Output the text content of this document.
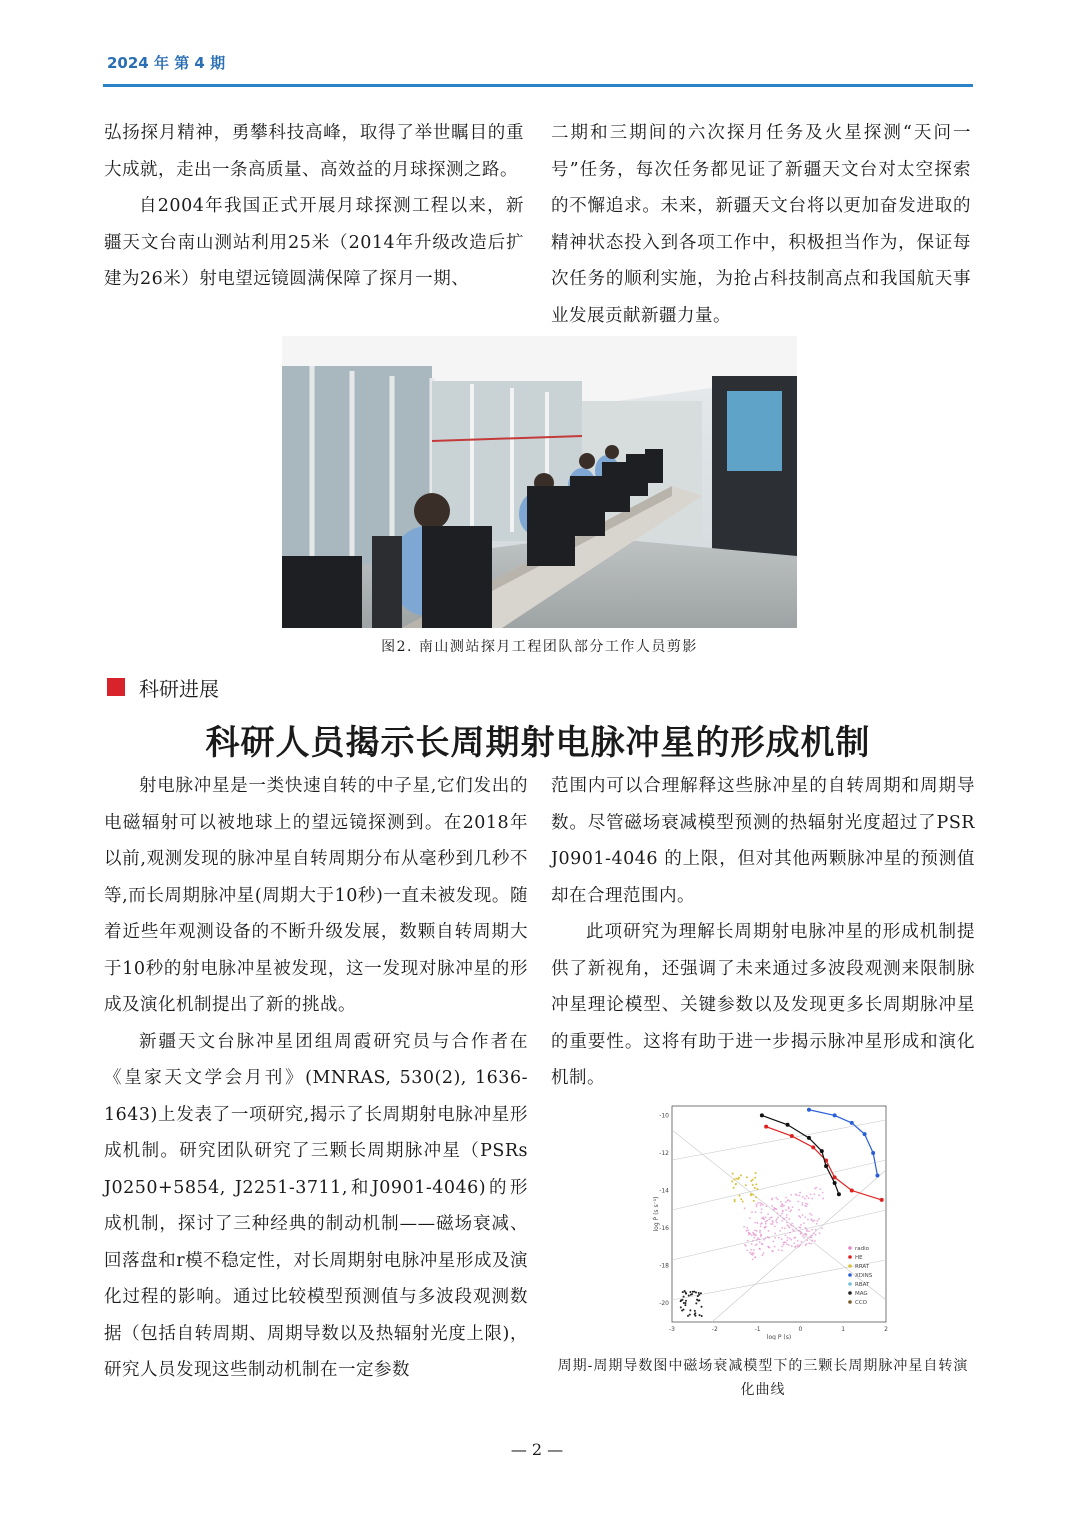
2024 年 第 4 期

弘扬探月精神，勇攀科技高峰，取得了举世瞩目的重大成就，走出一条高质量、高效益的月球探测之路。

自2004年我国正式开展月球探测工程以来，新疆天文台南山测站利用25米（2014年升级改造后扩建为26米）射电望远镜圆满保障了探月一期、

二期和三期间的六次探月任务及火星探测“天问一号”任务，每次任务都见证了新疆天文台对太空探索的不懈追求。未来，新疆天文台将以更加奋发进取的精神状态投入到各项工作中，积极担当作为，保证每次任务的顺利实施，为抢占科技制高点和我国航天事业发展贡献新疆力量。

图2. 南山测站探月工程团队部分工作人员剪影
科研进展
科研人员揭示长周期射电脉冲星的形成机制

射电脉冲星是一类快速自转的中子星,它们发出的电磁辐射可以被地球上的望远镜探测到。在2018年以前,观测发现的脉冲星自转周期分布从毫秒到几秒不等,而长周期脉冲星(周期大于10秒)一直未被发现。随着近些年观测设备的不断升级发展，数颗自转周期大于10秒的射电脉冲星被发现，这一发现对脉冲星的形成及演化机制提出了新的挑战。

新疆天文台脉冲星团组周霞研究员与合作者在《皇家天文学会月刊》(MNRAS, 530(2), 1636-1643)上发表了一项研究,揭示了长周期射电脉冲星形成机制。研究团队研究了三颗长周期脉冲星（PSRs J0250+5854, J2251-3711,和J0901-4046)的形成机制，探讨了三种经典的制动机制——磁场衰减、回落盘和r模不稳定性，对长周期射电脉冲星形成及演化过程的影响。通过比较模型预测值与多波段观测数据（包括自转周期、周期导数以及热辐射光度上限)，研究人员发现这些制动机制在一定参数

范围内可以合理解释这些脉冲星的自转周期和周期导数。尽管磁场衰减模型预测的热辐射光度超过了PSR J0901-4046 的上限，但对其他两颗脉冲星的预测值却在合理范围内。

此项研究为理解长周期射电脉冲星的形成机制提供了新视角，还强调了未来通过多波段观测来限制脉冲星理论模型、关键参数以及发现更多长周期脉冲星的重要性。这将有助于进一步揭示脉冲星形成和演化机制。

-3	-2	-1	0	1	2
-10
-12
-14
-16
-18
-20
log P (s)
log Ṗ (s s⁻¹)
radio
HE
RRAT
XDINS
RBAT
MAG
CCO
周期-周期导数图中磁场衰减模型下的三颗长周期脉冲星自转演化曲线
— 2 —
